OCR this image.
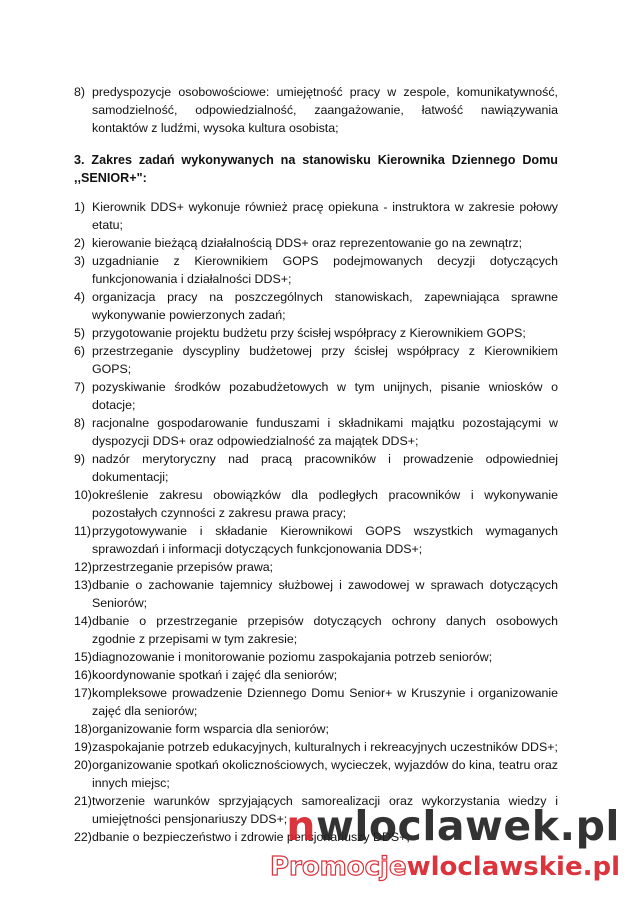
8) predyspozycje osobowościowe: umiejętność pracy w zespole, komunikatywność, samodzielność, odpowiedzialność, zaangażowanie, łatwość nawiązywania kontaktów z ludźmi, wysoka kultura osobista;
3. Zakres zadań wykonywanych na stanowisku Kierownika Dziennego Domu ,,SENIOR+":
1) Kierownik DDS+ wykonuje również pracę opiekuna - instruktora w zakresie połowy etatu;
2) kierowanie bieżącą działalnością DDS+ oraz reprezentowanie go na zewnątrz;
3) uzgadnianie z Kierownikiem GOPS podejmowanych decyzji dotyczących funkcjonowania i działalności DDS+;
4) organizacja pracy na poszczególnych stanowiskach, zapewniająca sprawne wykonywanie powierzonych zadań;
5) przygotowanie projektu budżetu przy ścisłej współpracy z Kierownikiem GOPS;
6) przestrzeganie dyscypliny budżetowej przy ścisłej współpracy z Kierownikiem GOPS;
7) pozyskiwanie środków pozabudżetowych w tym unijnych, pisanie wniosków o dotacje;
8) racjonalne gospodarowanie funduszami i składnikami majątku pozostającymi w dyspozycji DDS+ oraz odpowiedzialność za majątek DDS+;
9) nadzór merytoryczny nad pracą pracowników i prowadzenie odpowiedniej dokumentacji;
10) określenie zakresu obowiązków dla podległych pracowników i wykonywanie pozostałych czynności z zakresu prawa pracy;
11) przygotowywanie i składanie Kierownikowi GOPS wszystkich wymaganych sprawozdań i informacji dotyczących funkcjonowania DDS+;
12) przestrzeganie przepisów prawa;
13) dbanie o zachowanie tajemnicy służbowej i zawodowej w sprawach dotyczących Seniorów;
14) dbanie o przestrzeganie przepisów dotyczących ochrony danych osobowych zgodnie z przepisami w tym zakresie;
15) diagnozowanie i monitorowanie poziomu zaspokajania potrzeb seniorów;
16) koordynowanie spotkań i zajęć dla seniorów;
17) kompleksowe prowadzenie Dziennego Domu Senior+ w Kruszynie i organizowanie zajęć dla seniorów;
18) organizowanie form wsparcia dla seniorów;
19) zaspokajanie potrzeb edukacyjnych, kulturalnych i rekreacyjnych uczestników DDS+;
20) organizowanie spotkań okolicznościowych, wycieczek, wyjazdów do kina, teatru oraz innych miejsc;
21) tworzenie warunków sprzyjających samorealizacji oraz wykorzystania wiedzy i umiejętności pensjonariuszy DDS+;
22) dbanie o bezpieczeństwo i zdrowie pensjonariuszy DDS+;
nwloclawek.pl
Promocjewloclawskie.pl
